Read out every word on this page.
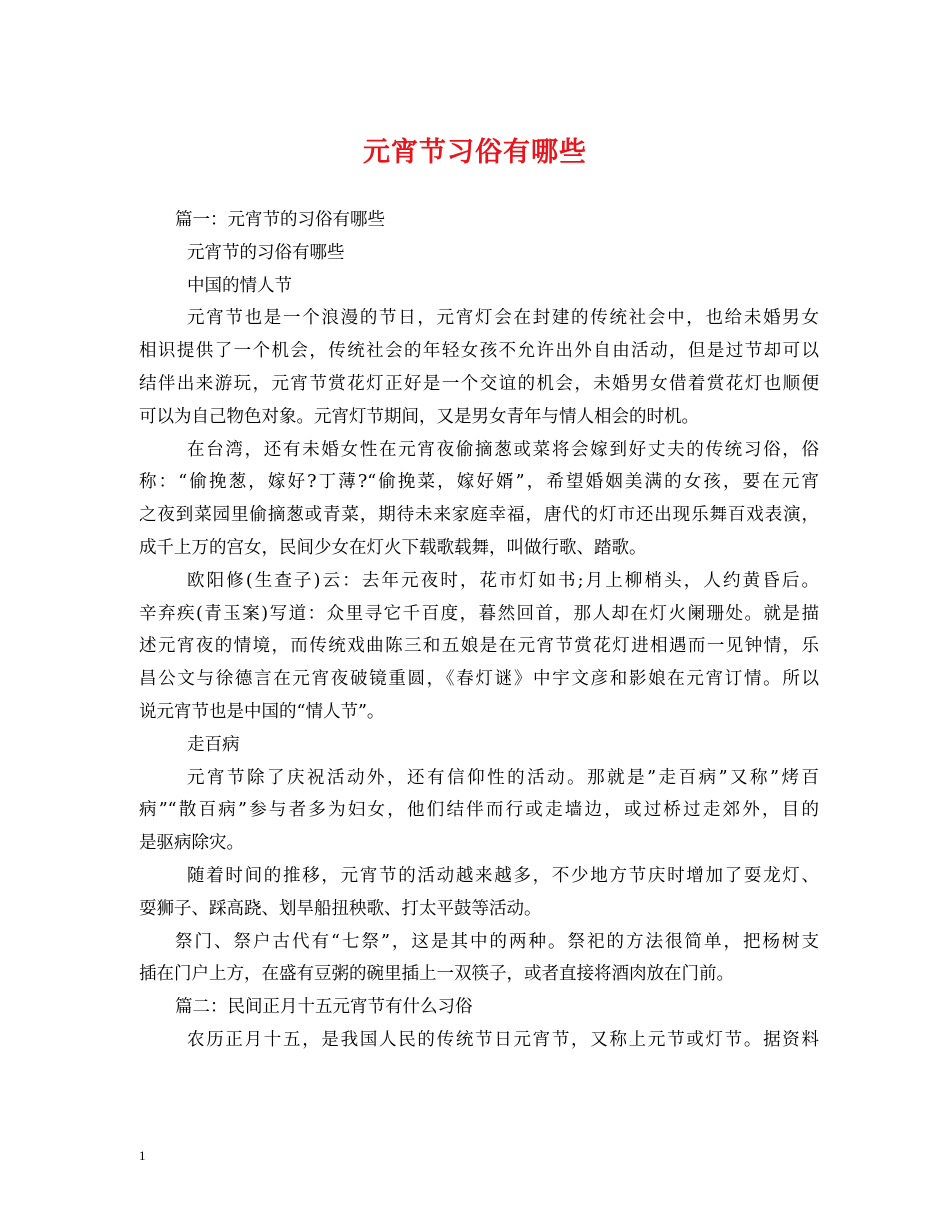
元宵节习俗有哪些
篇一：元宵节的习俗有哪些
元宵节的习俗有哪些
中国的情人节
元宵节也是一个浪漫的节日，元宵灯会在封建的传统社会中，也给未婚男女
相识提供了一个机会，传统社会的年轻女孩不允许出外自由活动，但是过节却可以
结伴出来游玩，元宵节赏花灯正好是一个交谊的机会，未婚男女借着赏花灯也顺便
可以为自己物色对象。元宵灯节期间，又是男女青年与情人相会的时机。
在台湾，还有未婚女性在元宵夜偷摘葱或菜将会嫁到好丈夫的传统习俗，俗
称：“偷挽葱，嫁好?丁薄?“偷挽菜，嫁好婿”，希望婚姻美满的女孩，要在元宵
之夜到菜园里偷摘葱或青菜，期待未来家庭幸福，唐代的灯市还出现乐舞百戏表演，
成千上万的宫女，民间少女在灯火下载歌载舞，叫做行歌、踏歌。
欧阳修(生查子)云：去年元夜时，花市灯如书;月上柳梢头，人约黄昏后。
辛弃疾(青玉案)写道：众里寻它千百度，暮然回首，那人却在灯火阑珊处。就是描
述元宵夜的情境，而传统戏曲陈三和五娘是在元宵节赏花灯进相遇而一见钟情，乐
昌公文与徐德言在元宵夜破镜重圆，《春灯谜》中宇文彦和影娘在元宵订情。所以
说元宵节也是中国的“情人节”。
走百病
元宵节除了庆祝活动外，还有信仰性的活动。那就是”走百病”又称”烤百
病”“散百病”参与者多为妇女，他们结伴而行或走墙边，或过桥过走郊外，目的
是驱病除灾。
随着时间的推移，元宵节的活动越来越多，不少地方节庆时增加了耍龙灯、
耍狮子、踩高跷、划旱船扭秧歌、打太平鼓等活动。
祭门、祭户古代有“七祭”，这是其中的两种。祭祀的方法很简单，把杨树支
插在门户上方，在盛有豆粥的碗里插上一双筷子，或者直接将酒肉放在门前。
篇二：民间正月十五元宵节有什么习俗
农历正月十五，是我国人民的传统节日元宵节，又称上元节或灯节。据资料
1
